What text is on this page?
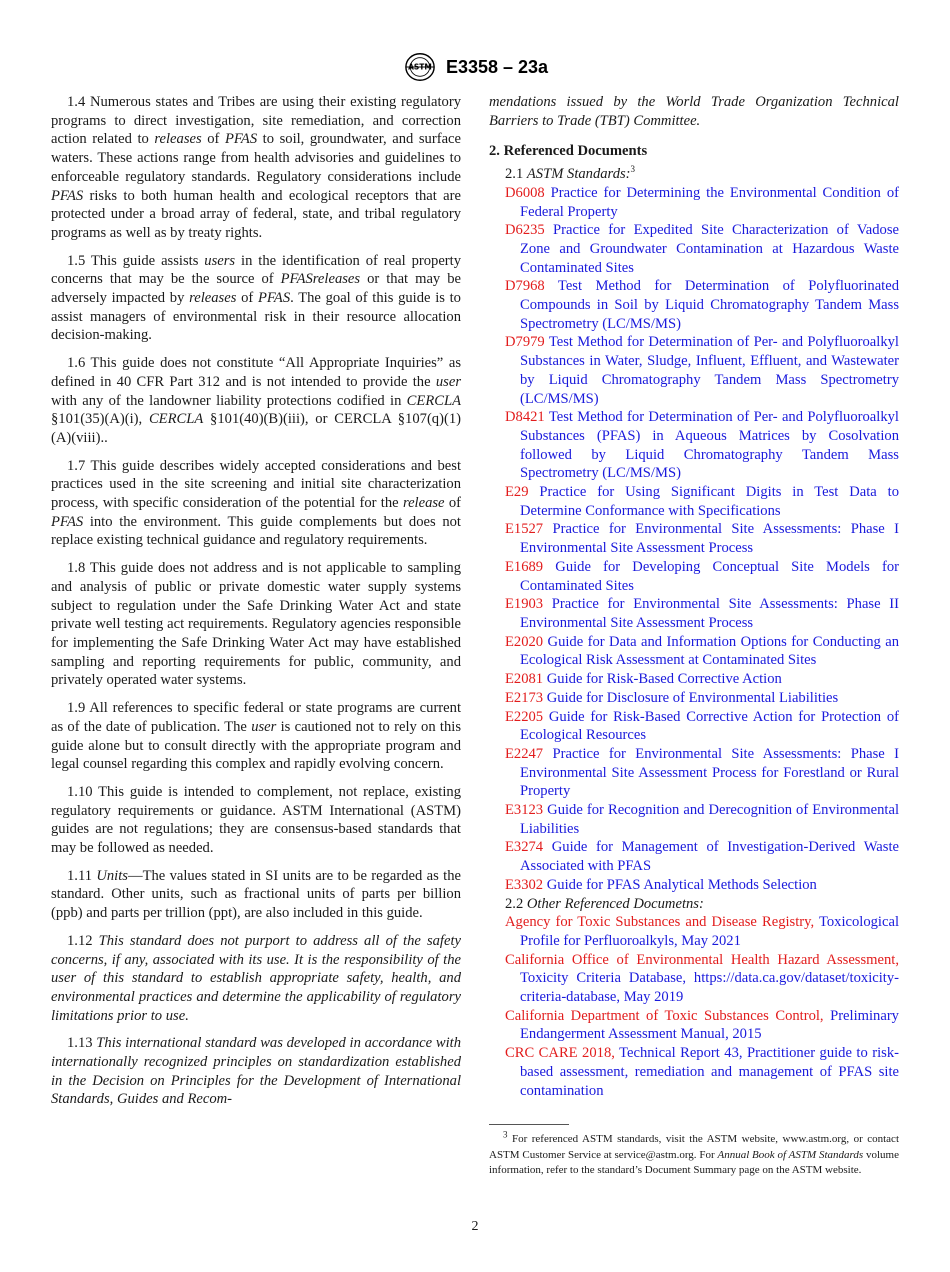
ASTM E3358 – 23a

1.4 Numerous states and Tribes are using their existing regulatory programs to direct investigation, site remediation, and correction action related to releases of PFAS to soil, groundwater, and surface waters. These actions range from health advisories and guidelines to enforceable regulatory standards. Regulatory considerations include PFAS risks to both human health and ecological receptors that are protected under a broad array of federal, state, and tribal regulatory programs as well as by treaty rights.

1.5 This guide assists users in the identification of real property concerns that may be the source of PFASreleases or that may be adversely impacted by releases of PFAS. The goal of this guide is to assist managers of environmental risk in their resource allocation decision-making.

1.6 This guide does not constitute “All Appropriate Inquiries” as defined in 40 CFR Part 312 and is not intended to provide the user with any of the landowner liability protections codified in CERCLA §101(35)(A)(i), CERCLA §101(40)(B)(iii), or CERCLA §107(q)(1)(A)(viii)..

1.7 This guide describes widely accepted considerations and best practices used in the site screening and initial site characterization process, with specific consideration of the potential for the release of PFAS into the environment. This guide complements but does not replace existing technical guidance and regulatory requirements.

1.8 This guide does not address and is not applicable to sampling and analysis of public or private domestic water supply systems subject to regulation under the Safe Drinking Water Act and state private well testing act requirements. Regulatory agencies responsible for implementing the Safe Drinking Water Act may have established sampling and reporting requirements for public, community, and privately operated water systems.

1.9 All references to specific federal or state programs are current as of the date of publication. The user is cautioned not to rely on this guide alone but to consult directly with the appropriate program and legal counsel regarding this complex and rapidly evolving concern.

1.10 This guide is intended to complement, not replace, existing regulatory requirements or guidance. ASTM International (ASTM) guides are not regulations; they are consensus-based standards that may be followed as needed.

1.11 Units—The values stated in SI units are to be regarded as the standard. Other units, such as fractional units of parts per billion (ppb) and parts per trillion (ppt), are also included in this guide.

1.12 This standard does not purport to address all of the safety concerns, if any, associated with its use. It is the responsibility of the user of this standard to establish appropriate safety, health, and environmental practices and determine the applicability of regulatory limitations prior to use.

1.13 This international standard was developed in accordance with internationally recognized principles on standardization established in the Decision on Principles for the Development of International Standards, Guides and Recom-

mendations issued by the World Trade Organization Technical Barriers to Trade (TBT) Committee.

2. Referenced Documents

2.1 ASTM Standards:$^3$

D6008 Practice for Determining the Environmental Condition of Federal Property

D6235 Practice for Expedited Site Characterization of Vadose Zone and Groundwater Contamination at Hazardous Waste Contaminated Sites

D7968 Test Method for Determination of Polyfluorinated Compounds in Soil by Liquid Chromatography Tandem Mass Spectrometry (LC/MS/MS)

D7979 Test Method for Determination of Per- and Polyfluoroalkyl Substances in Water, Sludge, Influent, Effluent, and Wastewater by Liquid Chromatography Tandem Mass Spectrometry (LC/MS/MS)

D8421 Test Method for Determination of Per- and Polyfluoroalkyl Substances (PFAS) in Aqueous Matrices by Cosolvation followed by Liquid Chromatography Tandem Mass Spectrometry (LC/MS/MS)

E29 Practice for Using Significant Digits in Test Data to Determine Conformance with Specifications

E1527 Practice for Environmental Site Assessments: Phase I Environmental Site Assessment Process

E1689 Guide for Developing Conceptual Site Models for Contaminated Sites

E1903 Practice for Environmental Site Assessments: Phase II Environmental Site Assessment Process

E2020 Guide for Data and Information Options for Conducting an Ecological Risk Assessment at Contaminated Sites

E2081 Guide for Risk-Based Corrective Action

E2173 Guide for Disclosure of Environmental Liabilities

E2205 Guide for Risk-Based Corrective Action for Protection of Ecological Resources

E2247 Practice for Environmental Site Assessments: Phase I Environmental Site Assessment Process for Forestland or Rural Property

E3123 Guide for Recognition and Derecognition of Environmental Liabilities

E3274 Guide for Management of Investigation-Derived Waste Associated with PFAS

E3302 Guide for PFAS Analytical Methods Selection

2.2 Other Referenced Documetns:

Agency for Toxic Substances and Disease Registry, Toxicological Profile for Perfluoroalkyls, May 2021

California Office of Environmental Health Hazard Assessment, Toxicity Criteria Database, https://data.ca.gov/dataset/toxicity-criteria-database, May 2019

California Department of Toxic Substances Control, Preliminary Endangerment Assessment Manual, 2015

CRC CARE 2018, Technical Report 43, Practitioner guide to risk-based assessment, remediation and management of PFAS site contamination

$^3$ For referenced ASTM standards, visit the ASTM website, www.astm.org, or contact ASTM Customer Service at service@astm.org. For Annual Book of ASTM Standards volume information, refer to the standard’s Document Summary page on the ASTM website.

2
